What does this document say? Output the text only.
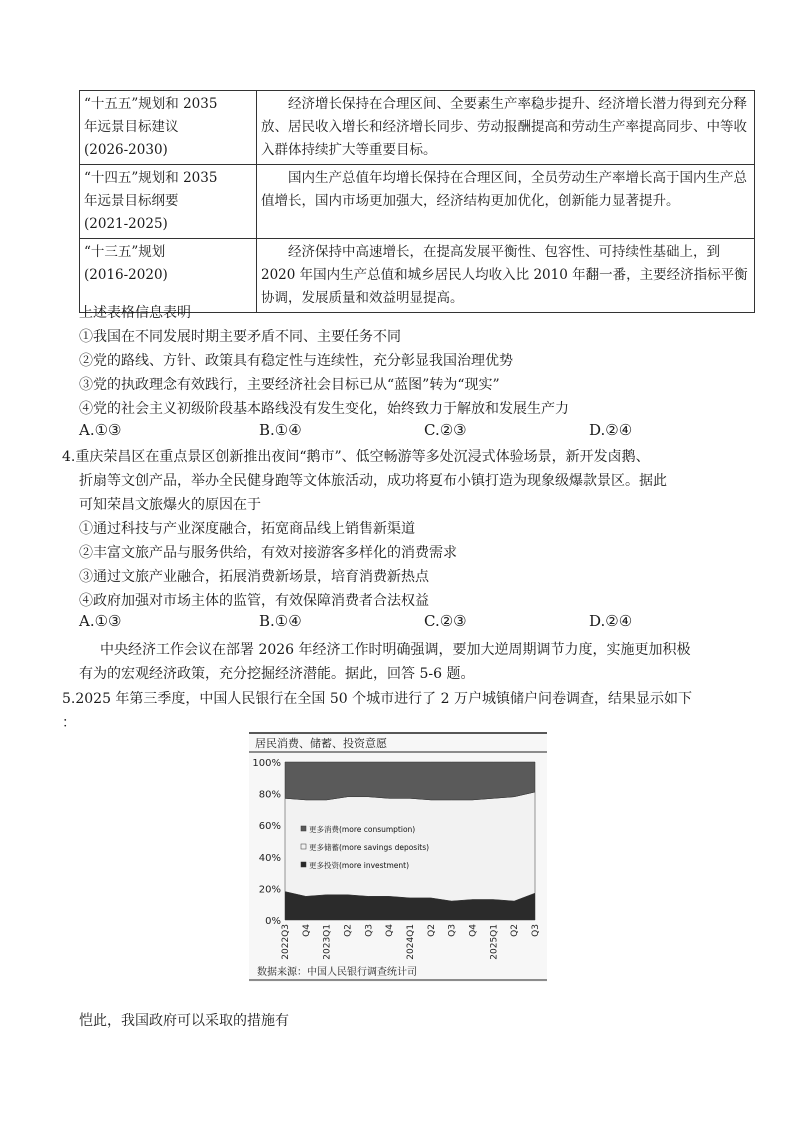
“十五五”规划和 2035
年远景目标建议
(2026-2030)	经济增长保持在合理区间、全要素生产率稳步提升、经济增长潜力得到充分释放、居民收入增长和经济增长同步、劳动报酬提高和劳动生产率提高同步、中等收入群体持续扩大等重要目标。

“十四五”规划和 2035
年远景目标纲要
(2021-2025)	国内生产总值年均增长保持在合理区间，全员劳动生产率增长高于国内生产总值增长，国内市场更加强大，经济结构更加优化，创新能力显著提升。

“十三五”规划
(2016-2020)	经济保持中高速增长，在提高发展平衡性、包容性、可持续性基础上，到 2020 年国内生产总值和城乡居民人均收入比 2010 年翻一番，主要经济指标平衡协调，发展质量和效益明显提高。
上述表格信息表明
①我国在不同发展时期主要矛盾不同、主要任务不同
②党的路线、方针、政策具有稳定性与连续性，充分彰显我国治理优势
③党的执政理念有效践行，主要经济社会目标已从“蓝图”转为“现实”
④党的社会主义初级阶段基本路线没有发生变化，始终致力于解放和发展生产力
A.①③	B.①④	C.②③	D.②④
4.重庆荣昌区在重点景区创新推出夜间“鹅市”、低空畅游等多处沉浸式体验场景，新开发卤鹅、
折扇等文创产品，举办全民健身跑等文体旅活动，成功将夏布小镇打造为现象级爆款景区。据此
可知荣昌文旅爆火的原因在于
①通过科技与产业深度融合，拓宽商品线上销售新渠道
②丰富文旅产品与服务供给，有效对接游客多样化的消费需求
③通过文旅产业融合，拓展消费新场景，培育消费新热点
④政府加强对市场主体的监管，有效保障消费者合法权益
A.①③	B.①④	C.②③	D.②④
中央经济工作会议在部署 2026 年经济工作时明确强调，要加大逆周期调节力度，实施更加积极
有为的宏观经济政策，充分挖掘经济潜能。据此，回答 5-6 题。
5.2025 年第三季度，中国人民银行在全国 50 个城市进行了 2 万户城镇储户问卷调查，结果显示如下
：
居民消费、储蓄、投资意愿
0%
20%
40%
60%
80%
100%
2022Q3 Q4 2023Q1 Q2 Q3 Q4 2024Q1 Q2 Q3 Q4 2025Q1 Q2 Q3
更多消费(more consumption)
更多储蓄(more savings deposits)
更多投资(more investment)
数据来源：中国人民银行调查统计司
恺此，我国政府可以采取的措施有
